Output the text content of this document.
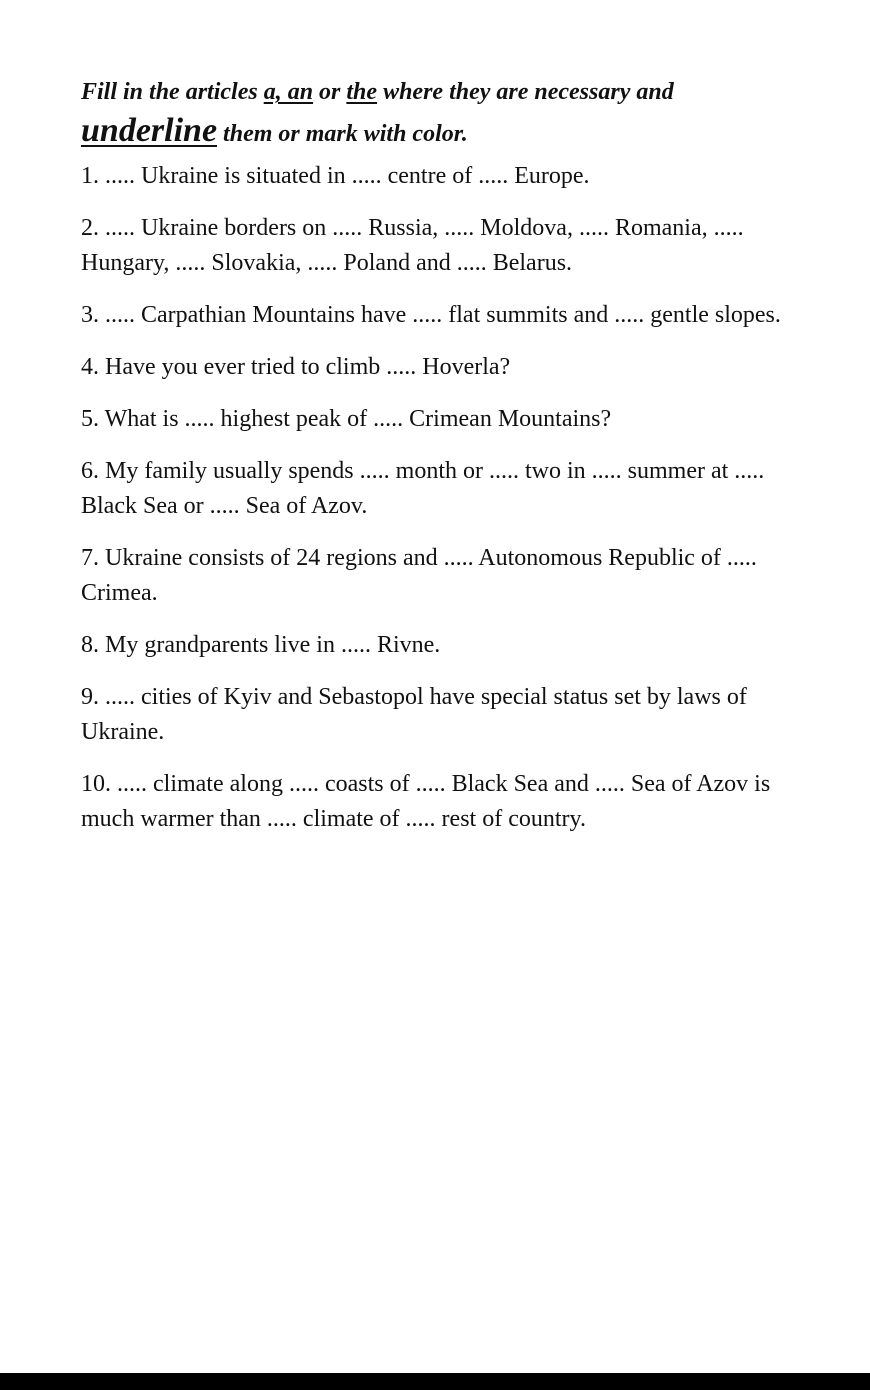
Fill in the articles a, an or the where they are necessary and
underline them or mark with color.

1. ..... Ukraine is situated in ..... centre of ..... Europe.
2. ..... Ukraine borders on ..... Russia, ..... Moldova, ..... Romania, .....
Hungary, ..... Slovakia, ..... Poland and ..... Belarus.
3. ..... Carpathian Mountains have ..... flat summits and ..... gentle slopes.
4. Have you ever tried to climb ..... Hoverla?
5. What is ..... highest peak of ..... Crimean Mountains?
6. My family usually spends ..... month or ..... two in ..... summer at .....
Black Sea or ..... Sea of Azov.
7. Ukraine consists of 24 regions and ..... Autonomous Republic of .....
Crimea.
8. My grandparents live in ..... Rivne.
9. ..... cities of Kyiv and Sebastopol have special status set by laws of
Ukraine.
10. ..... climate along ..... coasts of ..... Black Sea and ..... Sea of Azov is
much warmer than ..... climate of ..... rest of country.
